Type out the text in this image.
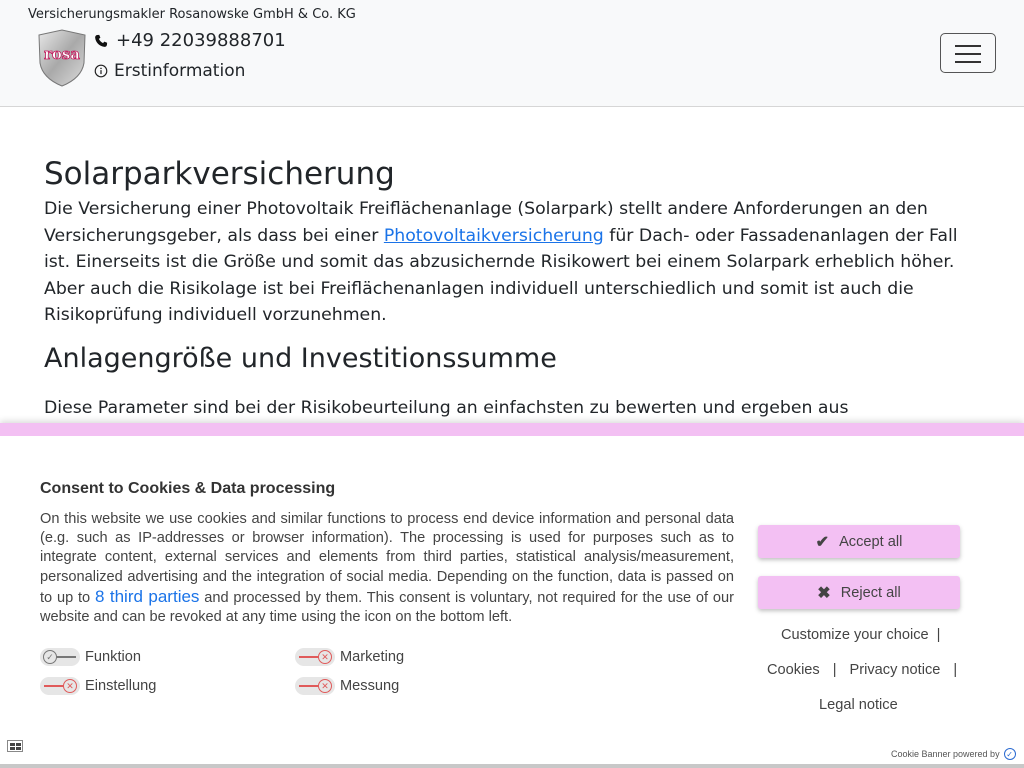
Versicherungsmakler Rosanowske GmbH & Co. KG
rosa
+49 22039888701
Erstinformation
Solarparkversicherung

Die Versicherung einer Photovoltaik Freiflächenanlage (Solarpark) stellt andere Anforderungen an den Versicherungsgeber, als dass bei einer Photovoltaikversicherung für Dach- oder Fassadenanlagen der Fall ist. Einerseits ist die Größe und somit das abzusichernde Risikowert bei einem Solarpark erheblich höher. Aber auch die Risikolage ist bei Freiflächenanlagen individuell unterschiedlich und somit ist auch die Risikoprüfung individuell vorzunehmen.

Anlagengröße und Investitionssumme

Diese Parameter sind bei der Risikobeurteilung an einfachsten zu bewerten und ergeben aus

Consent to Cookies & Data processing
On this website we use cookies and similar functions to process end device information and personal data (e.g. such as IP-addresses or browser information). The processing is used for purposes such as to integrate content, external services and elements from third parties, statistical analysis/measurement, personalized advertising and the integration of social media. Depending on the function, data is passed on to up to 8 third parties and processed by them. This consent is voluntary, not required for the use of our website and can be revoked at any time using the icon on the bottom left.
✓ Funktion	✕ Marketing
✕ Einstellung	✕ Messung
✔ Accept all
✖ Reject all
Customize your choice |
Cookies | Privacy notice |
Legal notice
Cookie Banner powered by ✓
